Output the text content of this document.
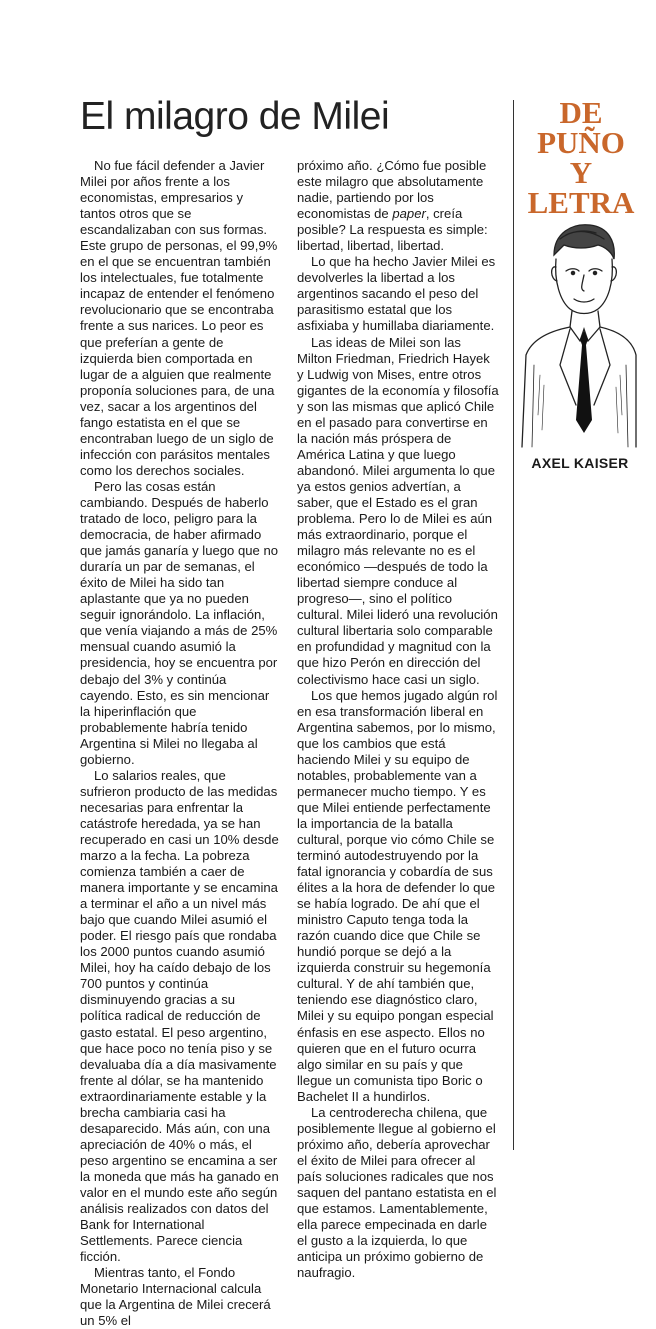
El milagro de Milei

No fue fácil defender a Javier Milei por años frente a los economistas, empresarios y tantos otros que se escandalizaban con sus formas. Este grupo de personas, el 99,9% en el que se encuentran también los intelectuales, fue totalmente incapaz de entender el fenómeno revolucionario que se encontraba frente a sus narices. Lo peor es que preferían a gente de izquierda bien comportada en lugar de a alguien que realmente proponía soluciones para, de una vez, sacar a los argentinos del fango estatista en el que se encontraban luego de un siglo de infección con parásitos mentales como los derechos sociales.

Pero las cosas están cambiando. Después de haberlo tratado de loco, peligro para la democracia, de haber afirmado que jamás ganaría y luego que no duraría un par de semanas, el éxito de Milei ha sido tan aplastante que ya no pueden seguir ignorándolo. La inflación, que venía viajando a más de 25% mensual cuando asumió la presidencia, hoy se encuentra por debajo del 3% y continúa cayendo. Esto, es sin mencionar la hiperinflación que probablemente habría tenido Argentina si Milei no llegaba al gobierno.

Lo salarios reales, que sufrieron producto de las medidas necesarias para enfrentar la catástrofe heredada, ya se han recuperado en casi un 10% desde marzo a la fecha. La pobreza comienza también a caer de manera importante y se encamina a terminar el año a un nivel más bajo que cuando Milei asumió el poder. El riesgo país que rondaba los 2000 puntos cuando asumió Milei, hoy ha caído debajo de los 700 puntos y continúa disminuyendo gracias a su política radical de reducción de gasto estatal. El peso argentino, que hace poco no tenía piso y se devaluaba día a día masivamente frente al dólar, se ha mantenido extraordinariamente estable y la brecha cambiaria casi ha desaparecido. Más aún, con una apreciación de 40% o más, el peso argentino se encamina a ser la moneda que más ha ganado en valor en el mundo este año según análisis realizados con datos del Bank for International Settlements. Parece ciencia ficción.

Mientras tanto, el Fondo Monetario Internacional calcula que la Argentina de Milei crecerá un 5% el

próximo año. ¿Cómo fue posible este milagro que absolutamente nadie, partiendo por los economistas de paper, creía posible? La respuesta es simple: libertad, libertad, libertad.

Lo que ha hecho Javier Milei es devolverles la libertad a los argentinos sacando el peso del parasitismo estatal que los asfixiaba y humillaba diariamente.

Las ideas de Milei son las Milton Friedman, Friedrich Hayek y Ludwig von Mises, entre otros gigantes de la economía y filosofía y son las mismas que aplicó Chile en el pasado para convertirse en la nación más próspera de América Latina y que luego abandonó. Milei argumenta lo que ya estos genios advertían, a saber, que el Estado es el gran problema. Pero lo de Milei es aún más extraordinario, porque el milagro más relevante no es el económico —después de todo la libertad siempre conduce al progreso—, sino el político cultural. Milei lideró una revolución cultural libertaria solo comparable en profundidad y magnitud con la que hizo Perón en dirección del colectivismo hace casi un siglo.

Los que hemos jugado algún rol en esa transformación liberal en Argentina sabemos, por lo mismo, que los cambios que está haciendo Milei y su equipo de notables, probablemente van a permanecer mucho tiempo. Y es que Milei entiende perfectamente la importancia de la batalla cultural, porque vio cómo Chile se terminó autodestruyendo por la fatal ignorancia y cobardía de sus élites a la hora de defender lo que se había logrado. De ahí que el ministro Caputo tenga toda la razón cuando dice que Chile se hundió porque se dejó a la izquierda construir su hegemonía cultural. Y de ahí también que, teniendo ese diagnóstico claro, Milei y su equipo pongan especial énfasis en ese aspecto. Ellos no quieren que en el futuro ocurra algo similar en su país y que llegue un comunista tipo Boric o Bachelet II a hundirlos.

La centroderecha chilena, que posiblemente llegue al gobierno el próximo año, debería aprovechar el éxito de Milei para ofrecer al país soluciones radicales que nos saquen del pantano estatista en el que estamos. Lamentablemente, ella parece empecinada en darle el gusto a la izquierda, lo que anticipa un próximo gobierno de naufragio.

DE
PUÑO
Y
LETRA
AXEL KAISER
